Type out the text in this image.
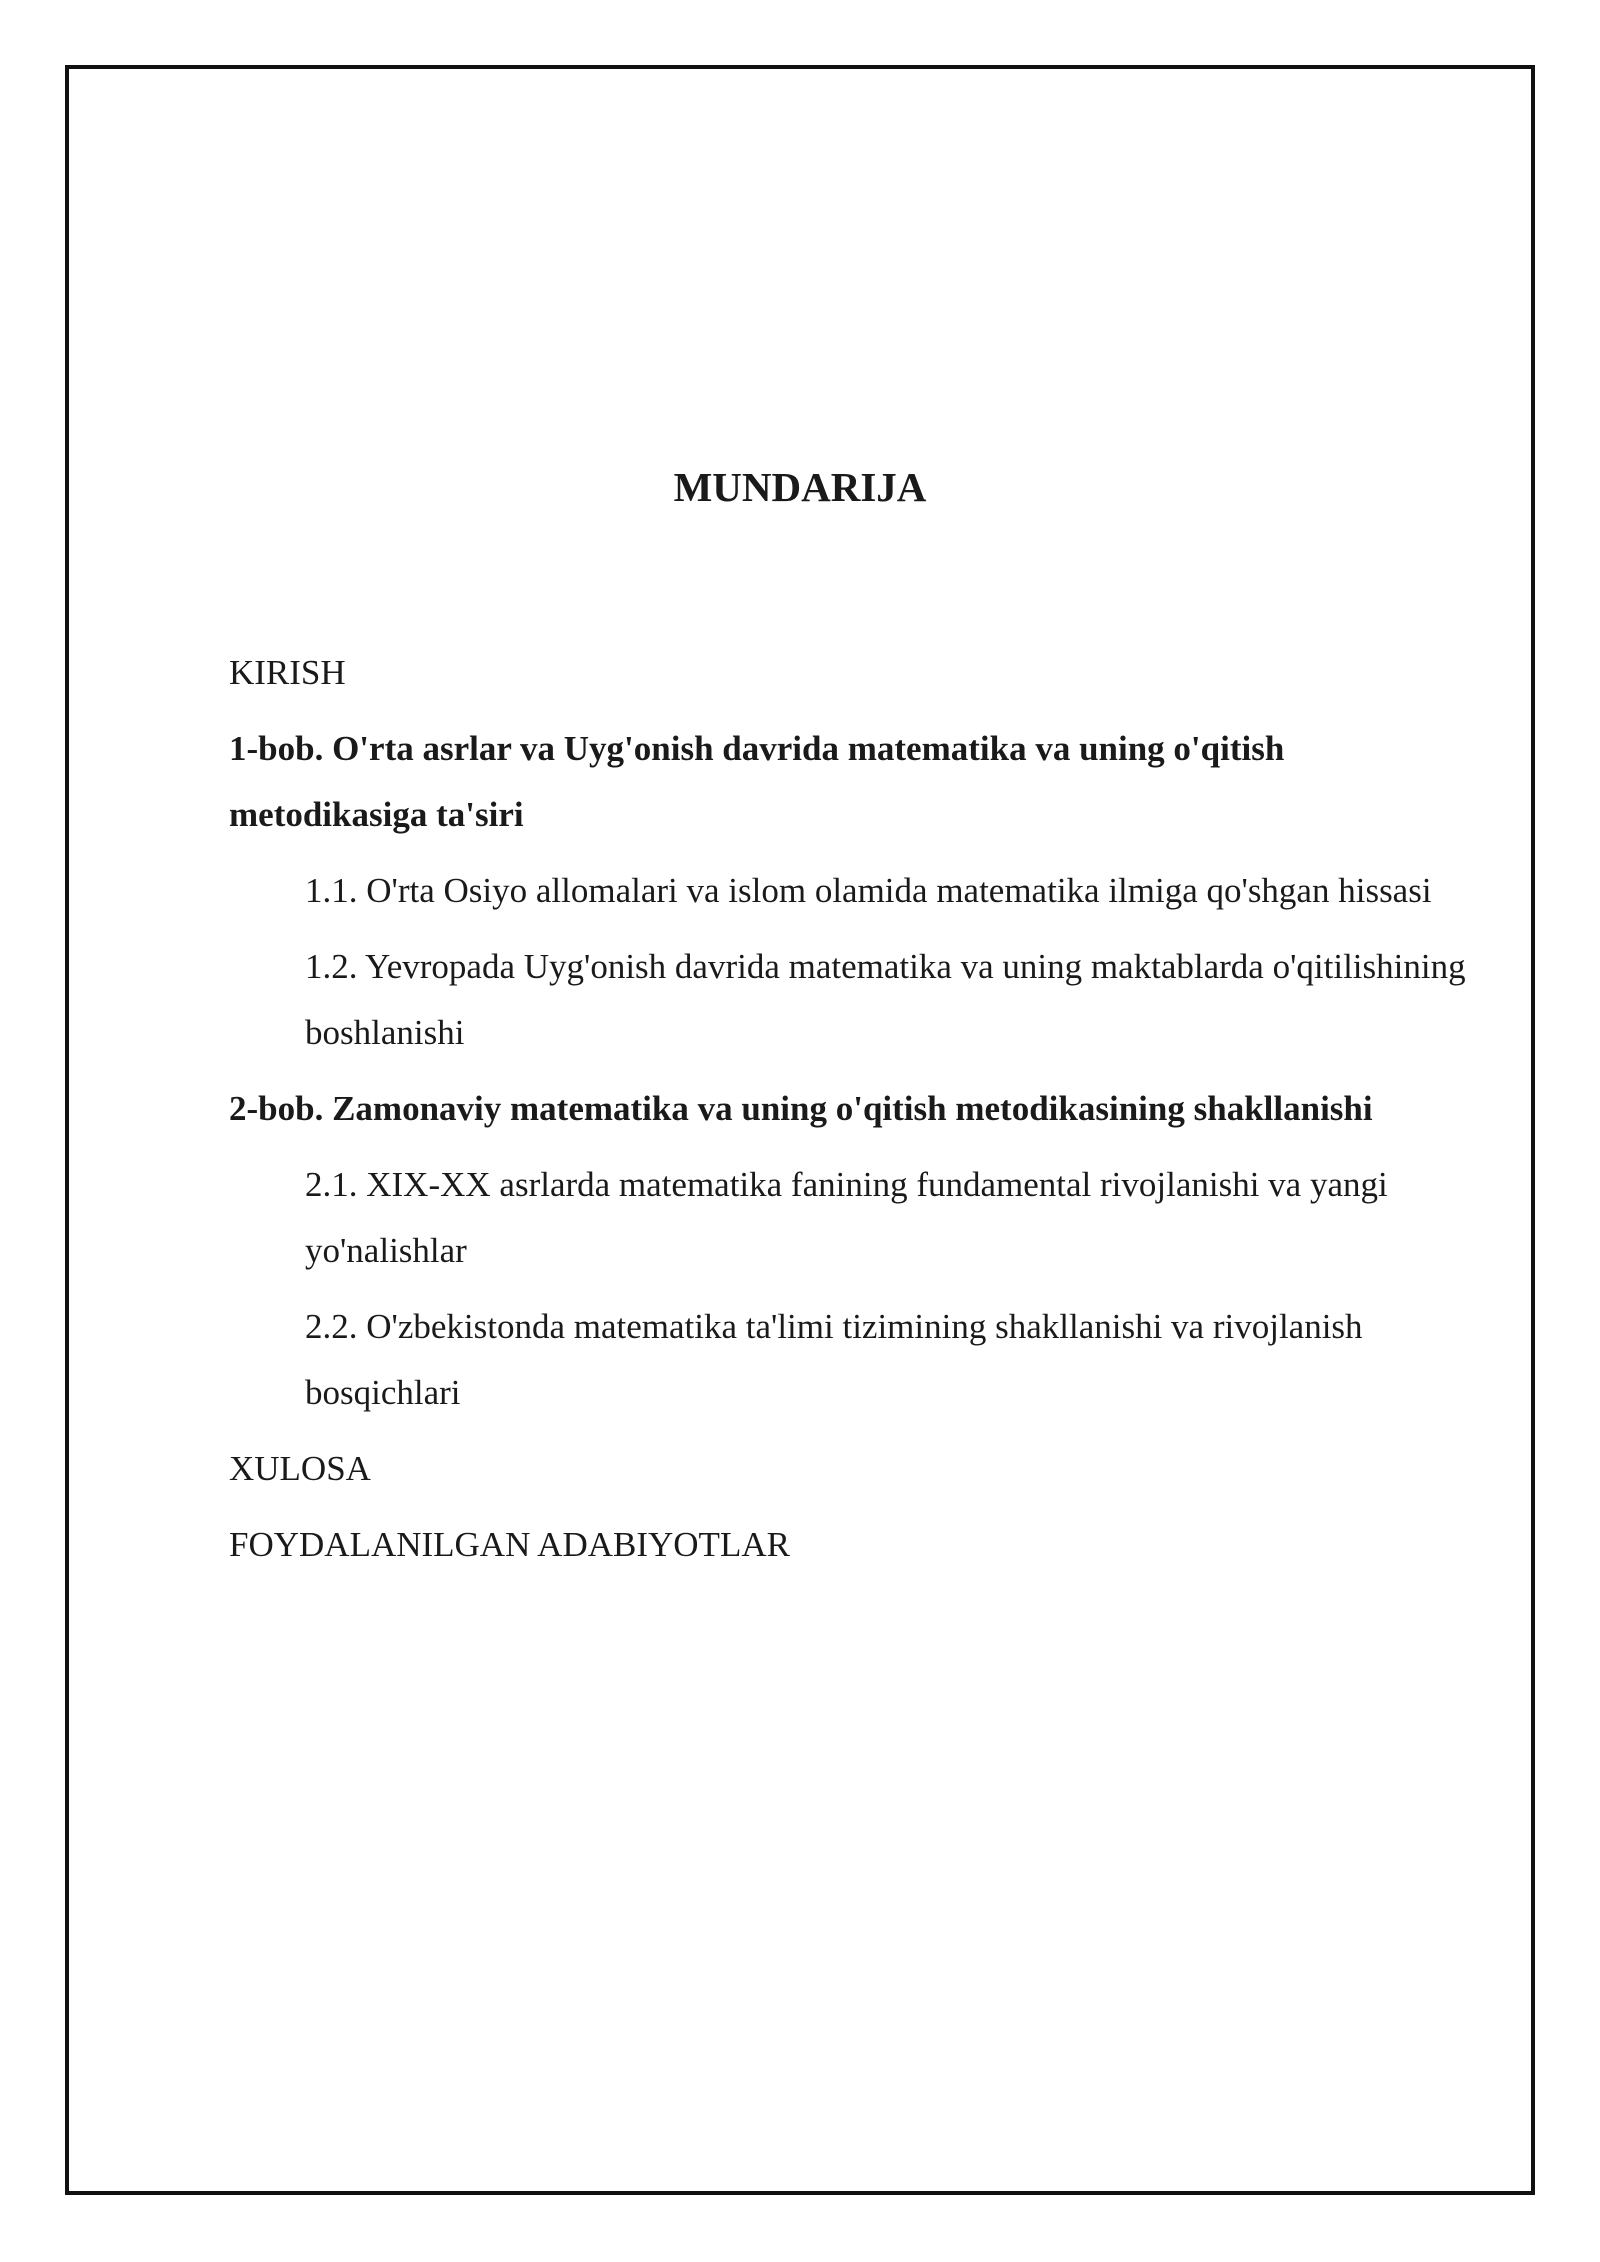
MUNDARIJA

KIRISH

1-bob. O'rta asrlar va Uyg'onish davrida matematika va uning o'qitish metodikasiga ta'siri

1.1. O'rta Osiyo allomalari va islom olamida matematika ilmiga qo'shgan hissasi

1.2. Yevropada Uyg'onish davrida matematika va uning maktablarda o'qitilishining boshlanishi

2-bob. Zamonaviy matematika va uning o'qitish metodikasining shakllanishi

2.1. XIX-XX asrlarda matematika fanining fundamental rivojlanishi va yangi yo'nalishlar

2.2. O'zbekistonda matematika ta'limi tizimining shakllanishi va rivojlanish bosqichlari

XULOSA

FOYDALANILGAN ADABIYOTLAR
